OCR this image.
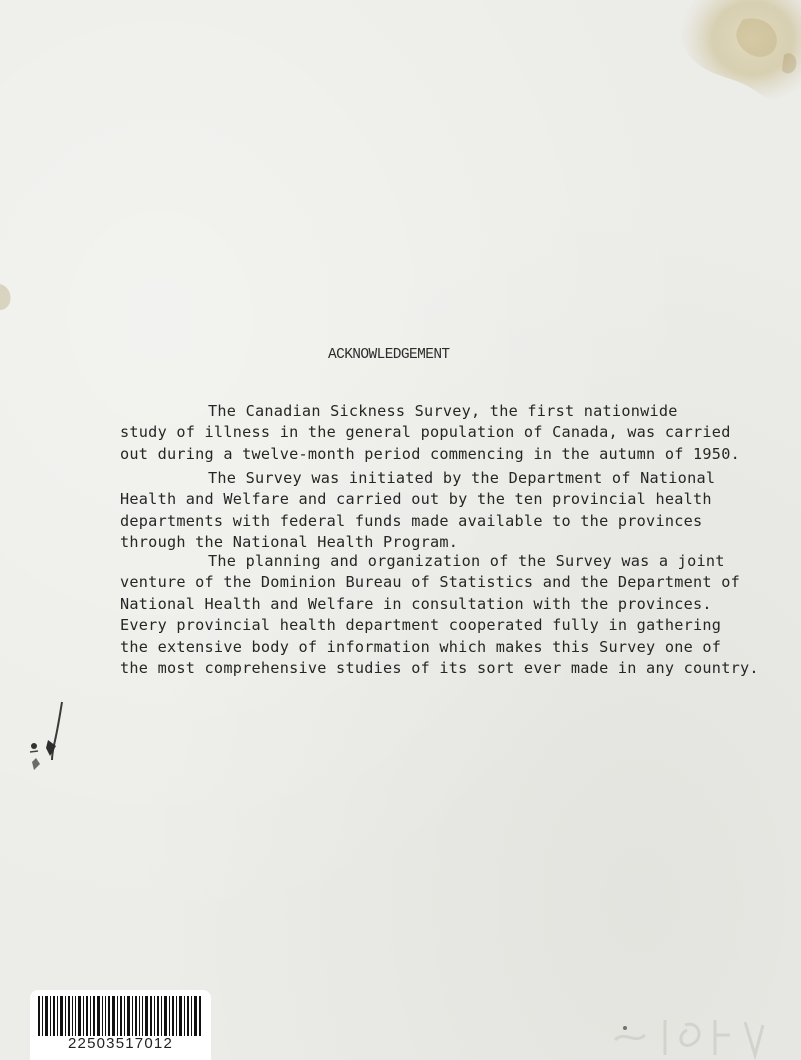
ACKNOWLEDGEMENT

The Canadian Sickness Survey, the first nationwide
study of illness in the general population of Canada, was carried
out during a twelve-month period commencing in the autumn of 1950.

The Survey was initiated by the Department of National
Health and Welfare and carried out by the ten provincial health
departments with federal funds made available to the provinces
through the National Health Program.

The planning and organization of the Survey was a joint
venture of the Dominion Bureau of Statistics and the Department of
National Health and Welfare in consultation with the provinces.
Every provincial health department cooperated fully in gathering
the extensive body of information which makes this Survey one of
the most comprehensive studies of its sort ever made in any country.

22503517012
